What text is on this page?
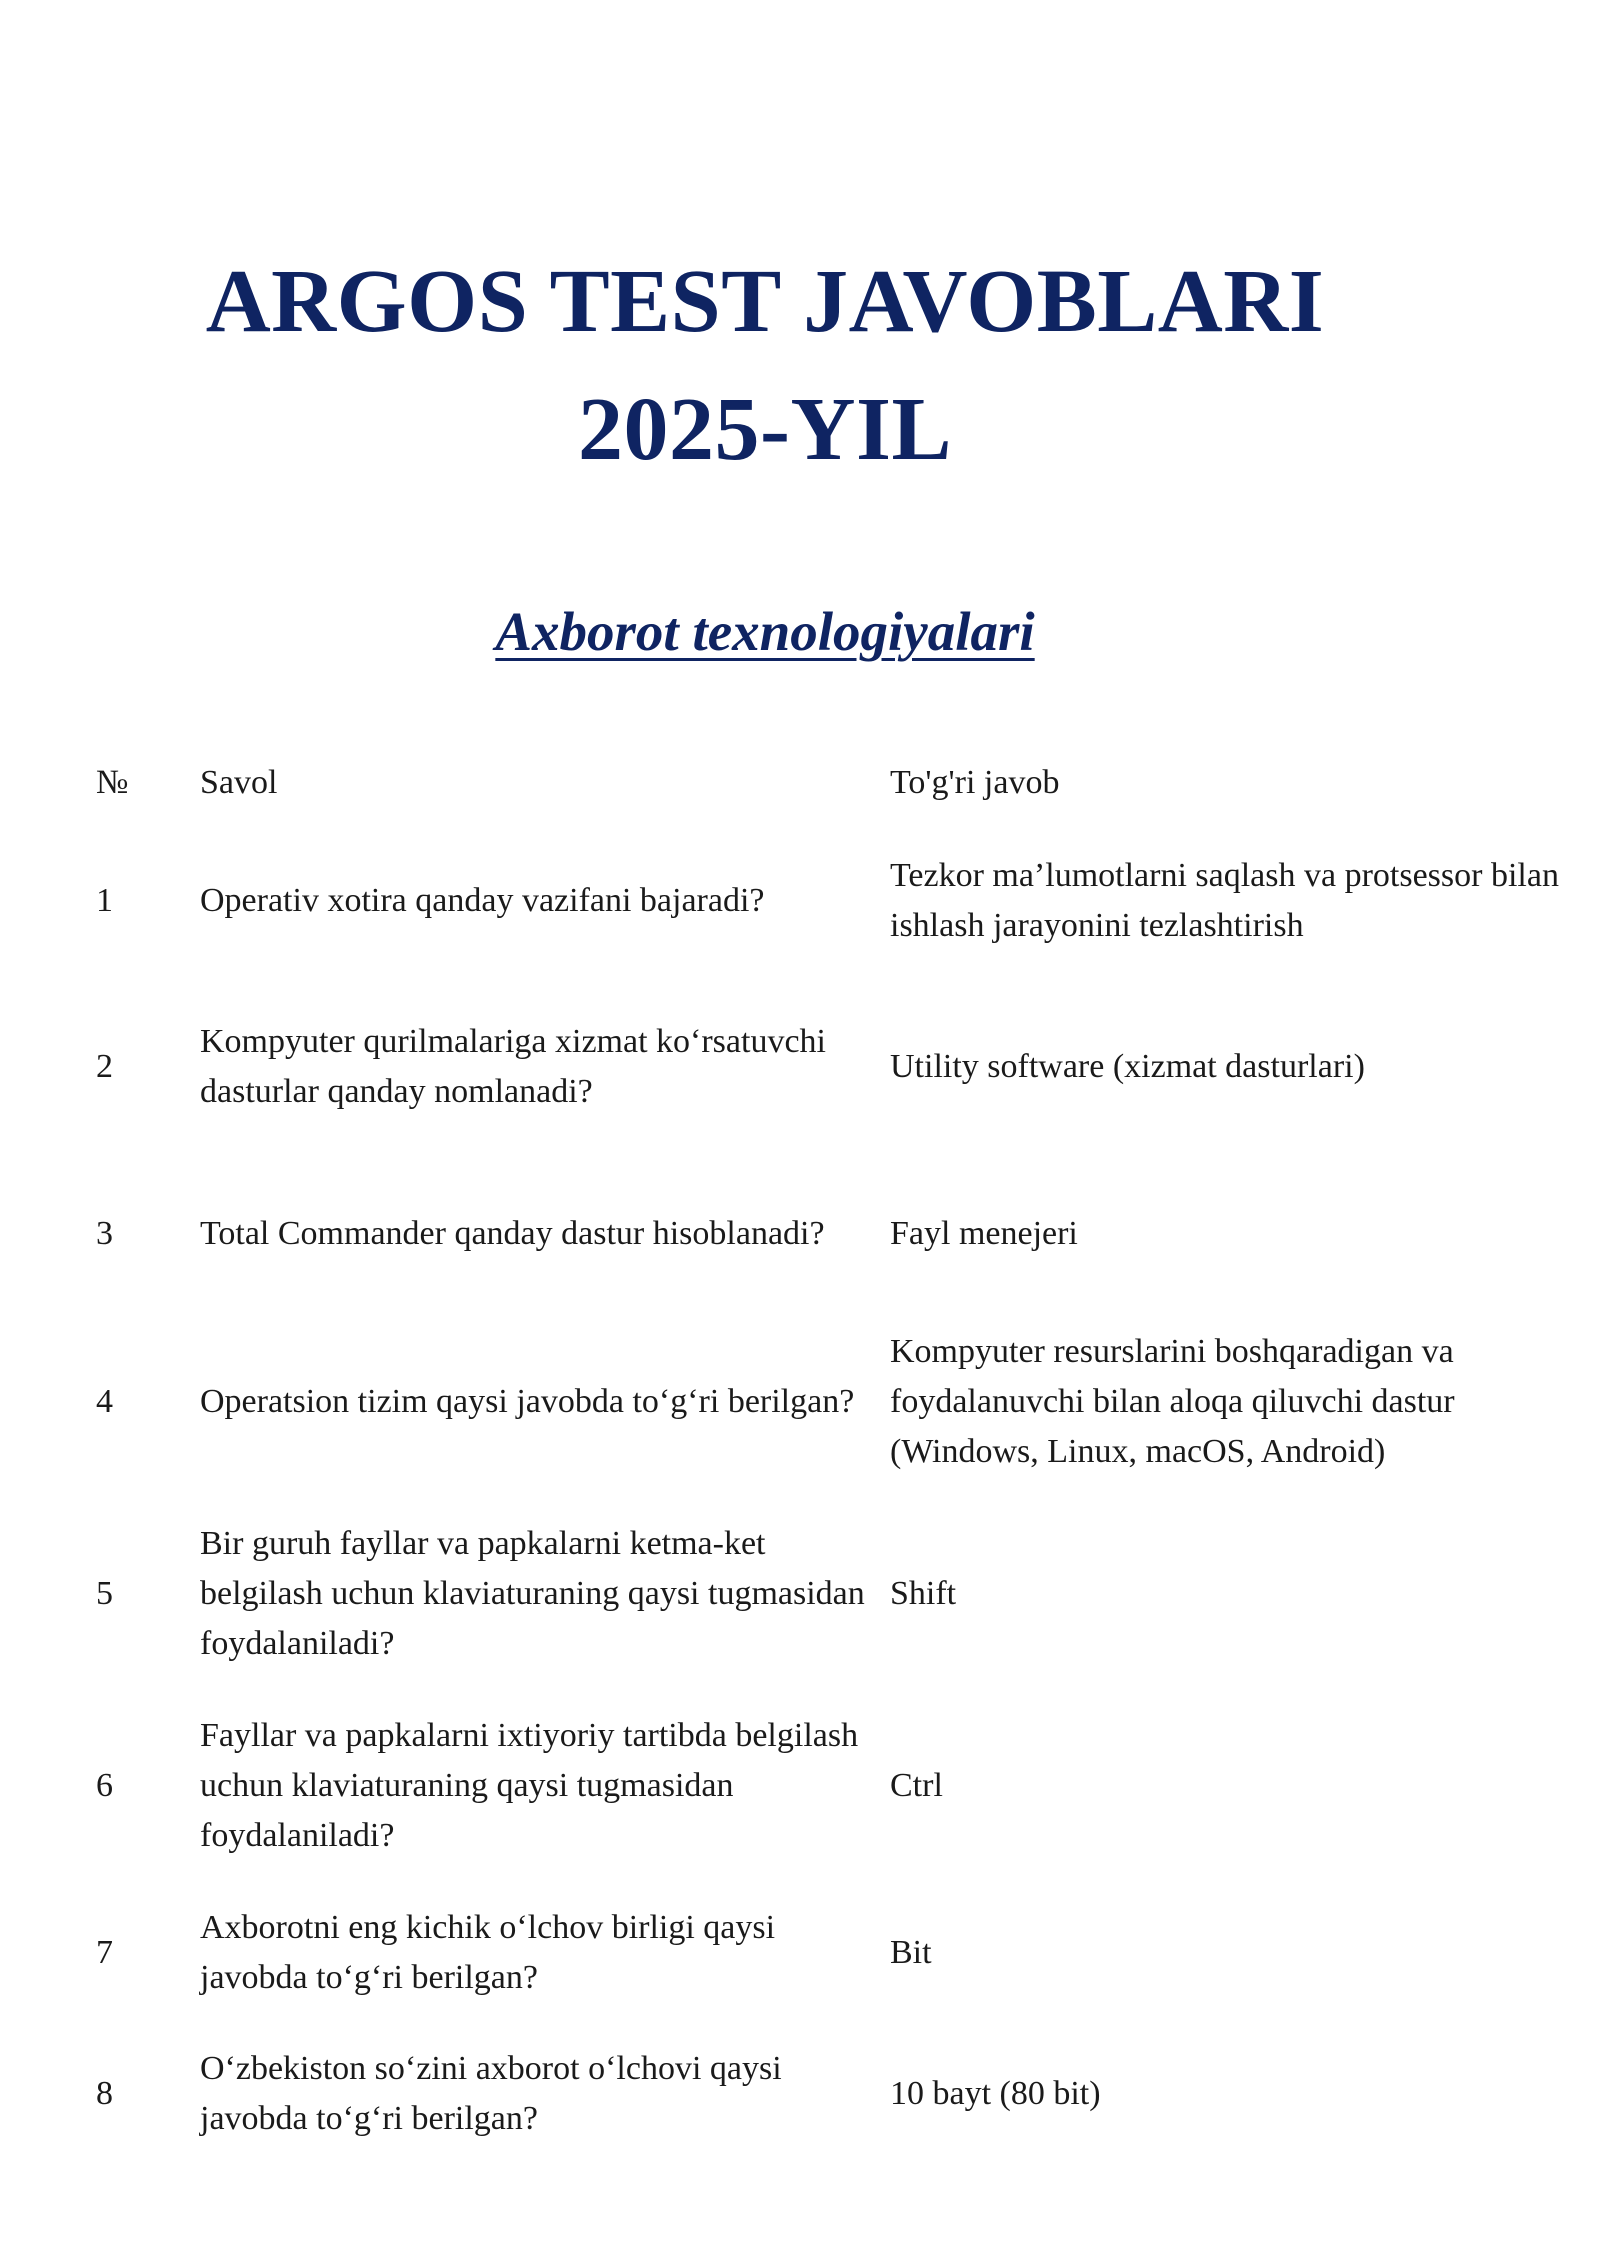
ARGOS TEST JAVOBLARI
2025-YIL
Axborot texnologiyalari
№	Savol	To'g'ri javob
1	Operativ xotira qanday vazifani bajaradi?	Tezkor ma’lumotlarni saqlash va protsessor bilan ishlash jarayonini tezlashtirish
2	Kompyuter qurilmalariga xizmat ko‘rsatuvchi dasturlar qanday nomlanadi?	Utility software (xizmat dasturlari)
3	Total Commander qanday dastur hisoblanadi?	Fayl menejeri
4	Operatsion tizim qaysi javobda to‘g‘ri berilgan?	Kompyuter resurslarini boshqaradigan va foydalanuvchi bilan aloqa qiluvchi dastur (Windows, Linux, macOS, Android)
5	Bir guruh fayllar va papkalarni ketma-ket belgilash uchun klaviaturaning qaysi tugmasidan foydalaniladi?	Shift
6	Fayllar va papkalarni ixtiyoriy tartibda belgilash uchun klaviaturaning qaysi tugmasidan foydalaniladi?	Ctrl
7	Axborotni eng kichik o‘lchov birligi qaysi javobda to‘g‘ri berilgan?	Bit
8	O‘zbekiston so‘zini axborot o‘lchovi qaysi javobda to‘g‘ri berilgan?	10 bayt (80 bit)
